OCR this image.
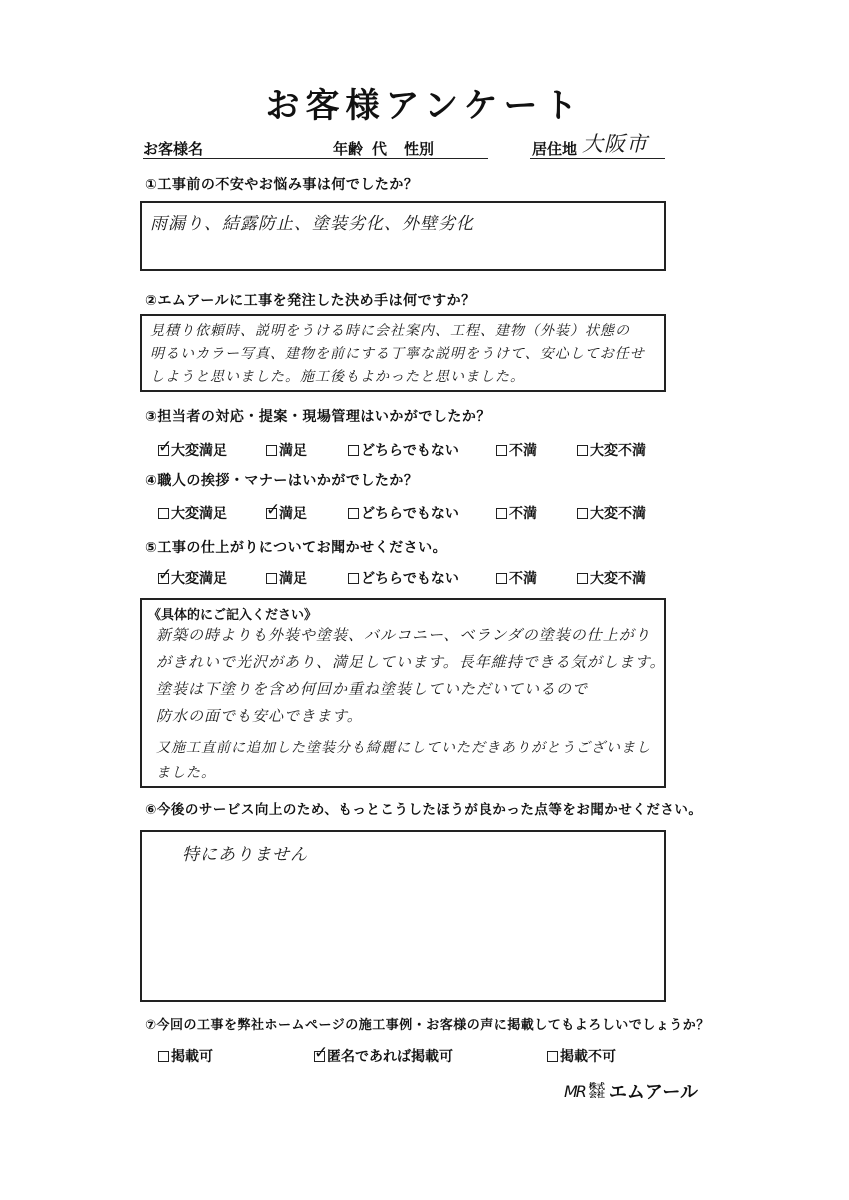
お客様アンケート
お客様名	年齢 代 性別	居住地 大阪市
①工事前の不安やお悩み事は何でしたか？
雨漏り、結露防止、塗装劣化、外壁劣化
②エムアールに工事を発注した決め手は何ですか？
見積り依頼時、説明をうける時に会社案内、工程、建物（外装）状態の
明るいカラー写真、建物を前にする丁寧な説明をうけて、安心してお任せ
しようと思いました。施工後もよかったと思いました。
③担当者の対応・提案・現場管理はいかがでしたか？
✓
大変満足	満足	どちらでもない	不満	大変不満
④職人の挨拶・マナーはいかがでしたか？
大変満足 ✓	満足	どちらでもない	不満	大変不満
⑤工事の仕上がりについてお聞かせください。
✓
大変満足	満足	どちらでもない	不満	大変不満
《具体的にご記入ください》
新築の時よりも外装や塗装、バルコニー、ベランダの塗装の仕上がり
がきれいで光沢があり、満足しています。長年維持できる気がします。
塗装は下塗りを含め何回か重ね塗装していただいているので
防水の面でも安心できます。
又施工直前に追加した塗装分も綺麗にしていただきありがとうございまし
ました。
⑥今後のサービス向上のため、もっとこうしたほうが良かった点等をお聞かせください。
特にありません
⑦今回の工事を弊社ホームページの施工事例・お客様の声に掲載してもよろしいでしょうか？
掲載可 ✓	匿名であれば掲載可	掲載不可
MR 株式
会社 エムアール
